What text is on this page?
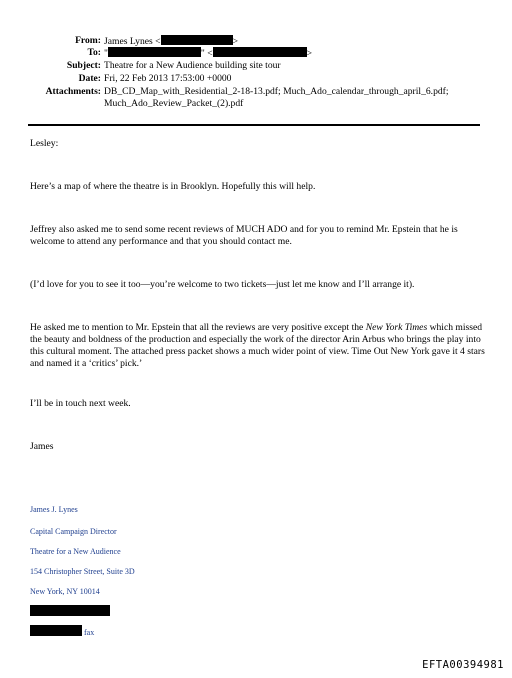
From: James Lynes <	>
To: "	" <	>
Subject: Theatre for a New Audience building site tour
Date: Fri, 22 Feb 2013 17:53:00 +0000
Attachments: DB_CD_Map_with_Residential_2-18-13.pdf; Much_Ado_calendar_through_april_6.pdf;
Much_Ado_Review_Packet_(2).pdf
Lesley:
Here’s a map of where the theatre is in Brooklyn. Hopefully this will help.
Jeffrey also asked me to send some recent reviews of MUCH ADO and for you to remind Mr. Epstein that he is welcome to attend any performance and that you should contact me.
(I’d love for you to see it too—you’re welcome to two tickets—just let me know and I’ll arrange it).
He asked me to mention to Mr. Epstein that all the reviews are very positive except the New York Times which missed the beauty and boldness of the production and especially the work of the director Arin Arbus who brings the play into this cultural moment. The attached press packet shows a much wider point of view. Time Out New York gave it 4 stars and named it a ‘critics’ pick.’
I’ll be in touch next week.
James
James J. Lynes
Capital Campaign Director
Theatre for a New Audience
154 Christopher Street, Suite 3D
New York, NY 10014
fax
EFTA00394981
